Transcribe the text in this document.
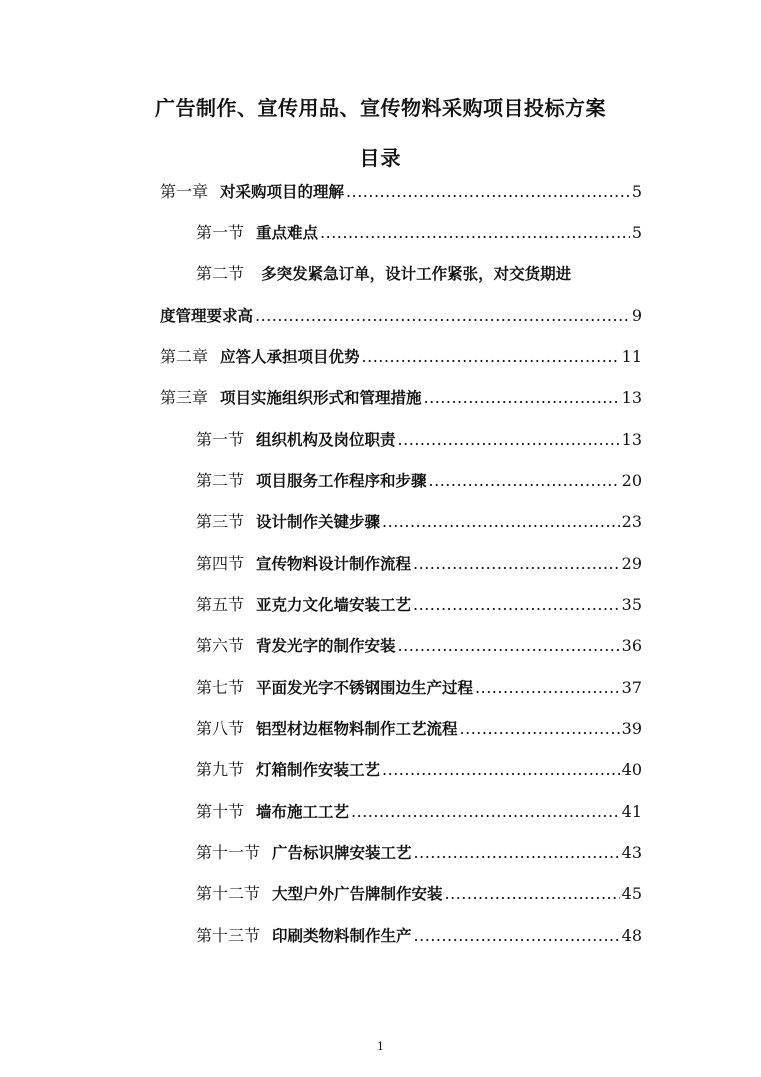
广告制作、宣传用品、宣传物料采购项目投标方案
目录
第一章 对采购项目的理解 .....	5
第一节 重点难点 .....	5
第二节 多突发紧急订单，设计工作紧张，对交货期进
度管理要求高 .....	9
第二章 应答人承担项目优势 .....	11
第三章 项目实施组织形式和管理措施 .....	13
第一节 组织机构及岗位职责 .....	13
第二节 项目服务工作程序和步骤 .....	20
第三节 设计制作关键步骤 .....	23
第四节 宣传物料设计制作流程 .....	29
第五节 亚克力文化墙安装工艺 .....	35
第六节 背发光字的制作安装 .....	36
第七节 平面发光字不锈钢围边生产过程 .....	37
第八节 铝型材边框物料制作工艺流程 .....	39
第九节 灯箱制作安装工艺 .....	40
第十节 墙布施工工艺 .....	41
第十一节 广告标识牌安装工艺 .....	43
第十二节 大型户外广告牌制作安装 .....	45
第十三节 印刷类物料制作生产 .....	48
1
